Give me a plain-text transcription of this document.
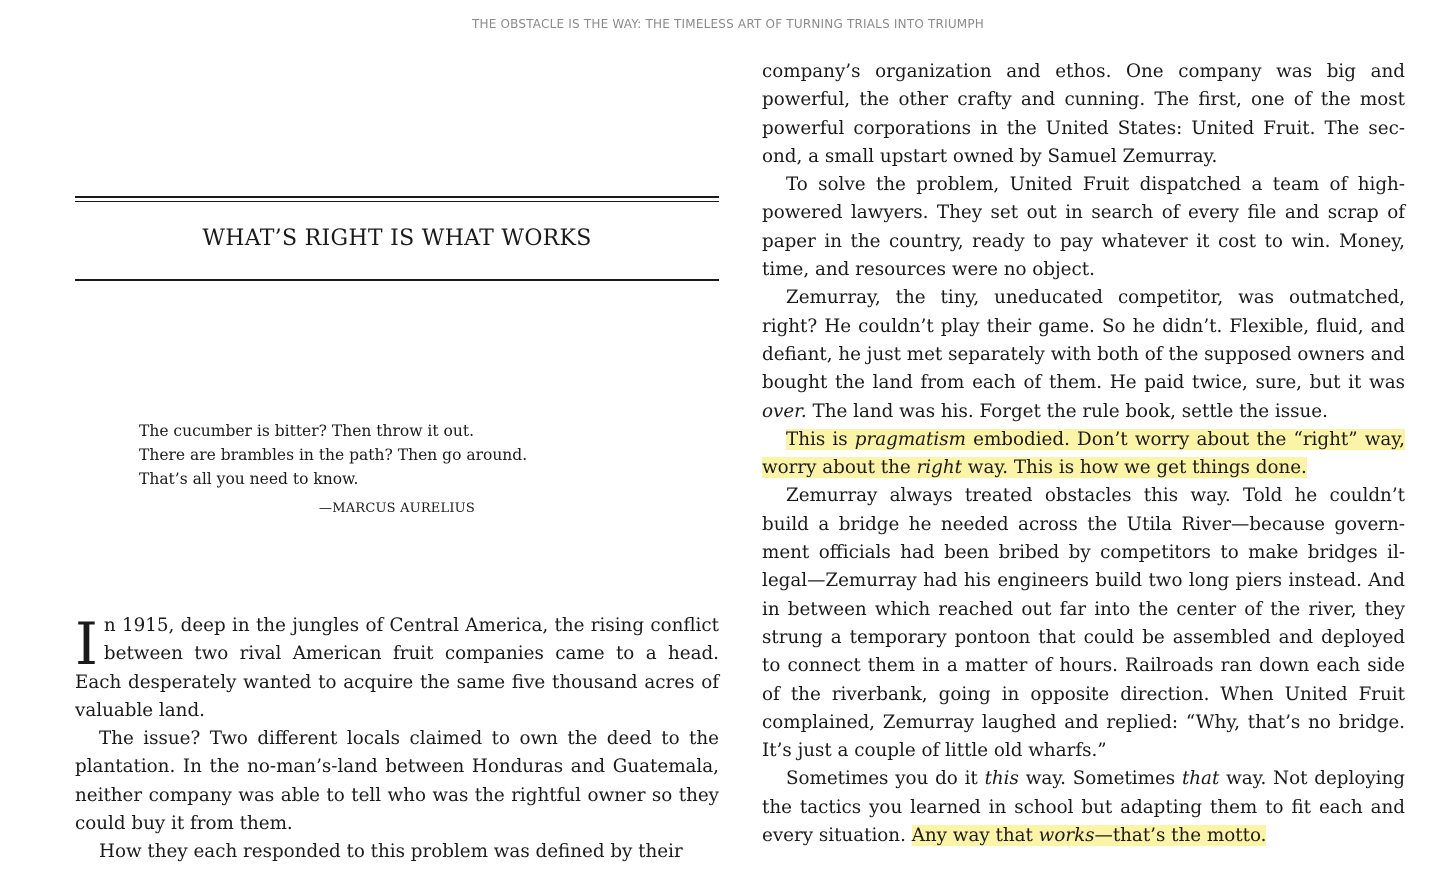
THE OBSTACLE IS THE WAY: THE TIMELESS ART OF TURNING TRIALS INTO TRIUMPH
WHAT’S RIGHT IS WHAT WORKS
The cucumber is bitter? Then throw it out.
There are brambles in the path? Then go around.
That’s all you need to know.
—MARCUS AURELIUS

In 1915, deep in the jungles of Central America, the rising conflict between two rival American fruit companies came to a head. Each desperately wanted to acquire the same five thousand acres of valuable land.

The issue? Two different locals claimed to own the deed to the plantation. In the no-man’s-land between Honduras and Guatemala, neither company was able to tell who was the rightful owner so they could buy it from them.

How they each responded to this problem was defined by their

company’s organization and ethos. One company was big and powerful, the other crafty and cunning. The first, one of the most powerful corporations in the United States: United Fruit. The second, a small upstart owned by Samuel Zemurray.

To solve the problem, United Fruit dispatched a team of high-powered lawyers. They set out in search of every file and scrap of paper in the country, ready to pay whatever it cost to win. Money, time, and resources were no object.

Zemurray, the tiny, uneducated competitor, was outmatched, right? He couldn’t play their game. So he didn’t. Flexible, fluid, and defiant, he just met separately with both of the supposed owners and bought the land from each of them. He paid twice, sure, but it was over. The land was his. Forget the rule book, settle the issue.

This is pragmatism embodied. Don’t worry about the “right” way, worry about the right way. This is how we get things done.

Zemurray always treated obstacles this way. Told he couldn’t build a bridge he needed across the Utila River—because government officials had been bribed by competitors to make bridges illegal—Zemurray had his engineers build two long piers instead. And in between which reached out far into the center of the river, they strung a temporary pontoon that could be assembled and deployed to connect them in a matter of hours. Railroads ran down each side of the riverbank, going in opposite direction. When United Fruit complained, Zemurray laughed and replied: “Why, that’s no bridge. It’s just a couple of little old wharfs.”

Sometimes you do it this way. Sometimes that way. Not deploying the tactics you learned in school but adapting them to fit each and every situation. Any way that works—that’s the motto.
